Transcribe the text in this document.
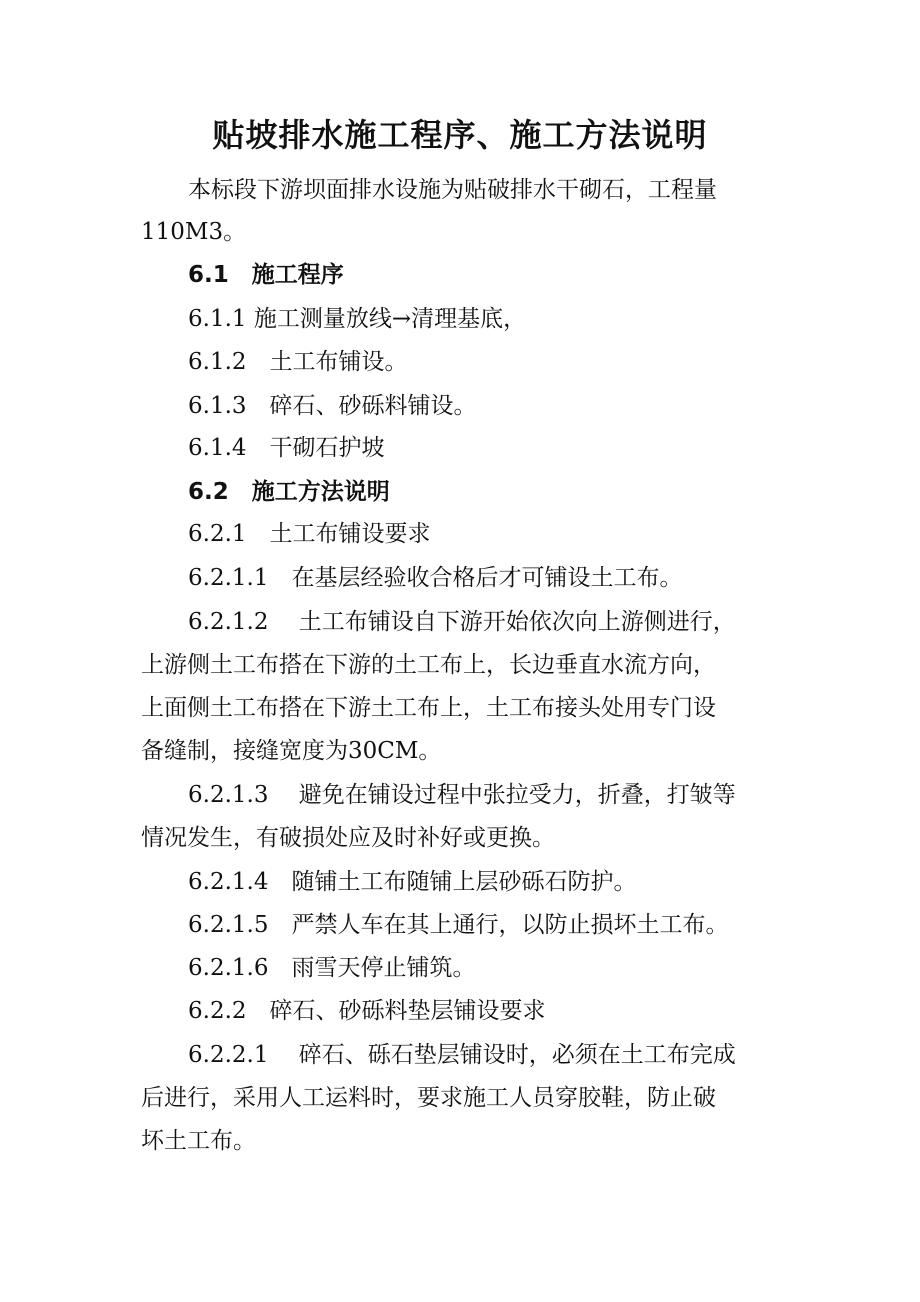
贴坡排水施工程序、施工方法说明
本标段下游坝面排水设施为贴破排水干砌石，工程量
110M3。
6.1　施工程序
6.1.1 施工测量放线→清理基底，
6.1.2　土工布铺设。
6.1.3　碎石、砂砾料铺设。
6.1.4　干砌石护坡
6.2　施工方法说明
6.2.1　土工布铺设要求
6.2.1.1　在基层经验收合格后才可铺设土工布。
6.2.1.2　 土工布铺设自下游开始依次向上游侧进行，
上游侧土工布搭在下游的土工布上，长边垂直水流方向，
上面侧土工布搭在下游土工布上，土工布接头处用专门设
备缝制，接缝宽度为30CM。
6.2.1.3　 避免在铺设过程中张拉受力，折叠，打皱等
情况发生，有破损处应及时补好或更换。
6.2.1.4　随铺土工布随铺上层砂砾石防护。
6.2.1.5　严禁人车在其上通行，以防止损坏土工布。
6.2.1.6　雨雪天停止铺筑。
6.2.2　碎石、砂砾料垫层铺设要求
6.2.2.1　 碎石、砾石垫层铺设时，必须在土工布完成
后进行，采用人工运料时，要求施工人员穿胶鞋，防止破
坏土工布。
